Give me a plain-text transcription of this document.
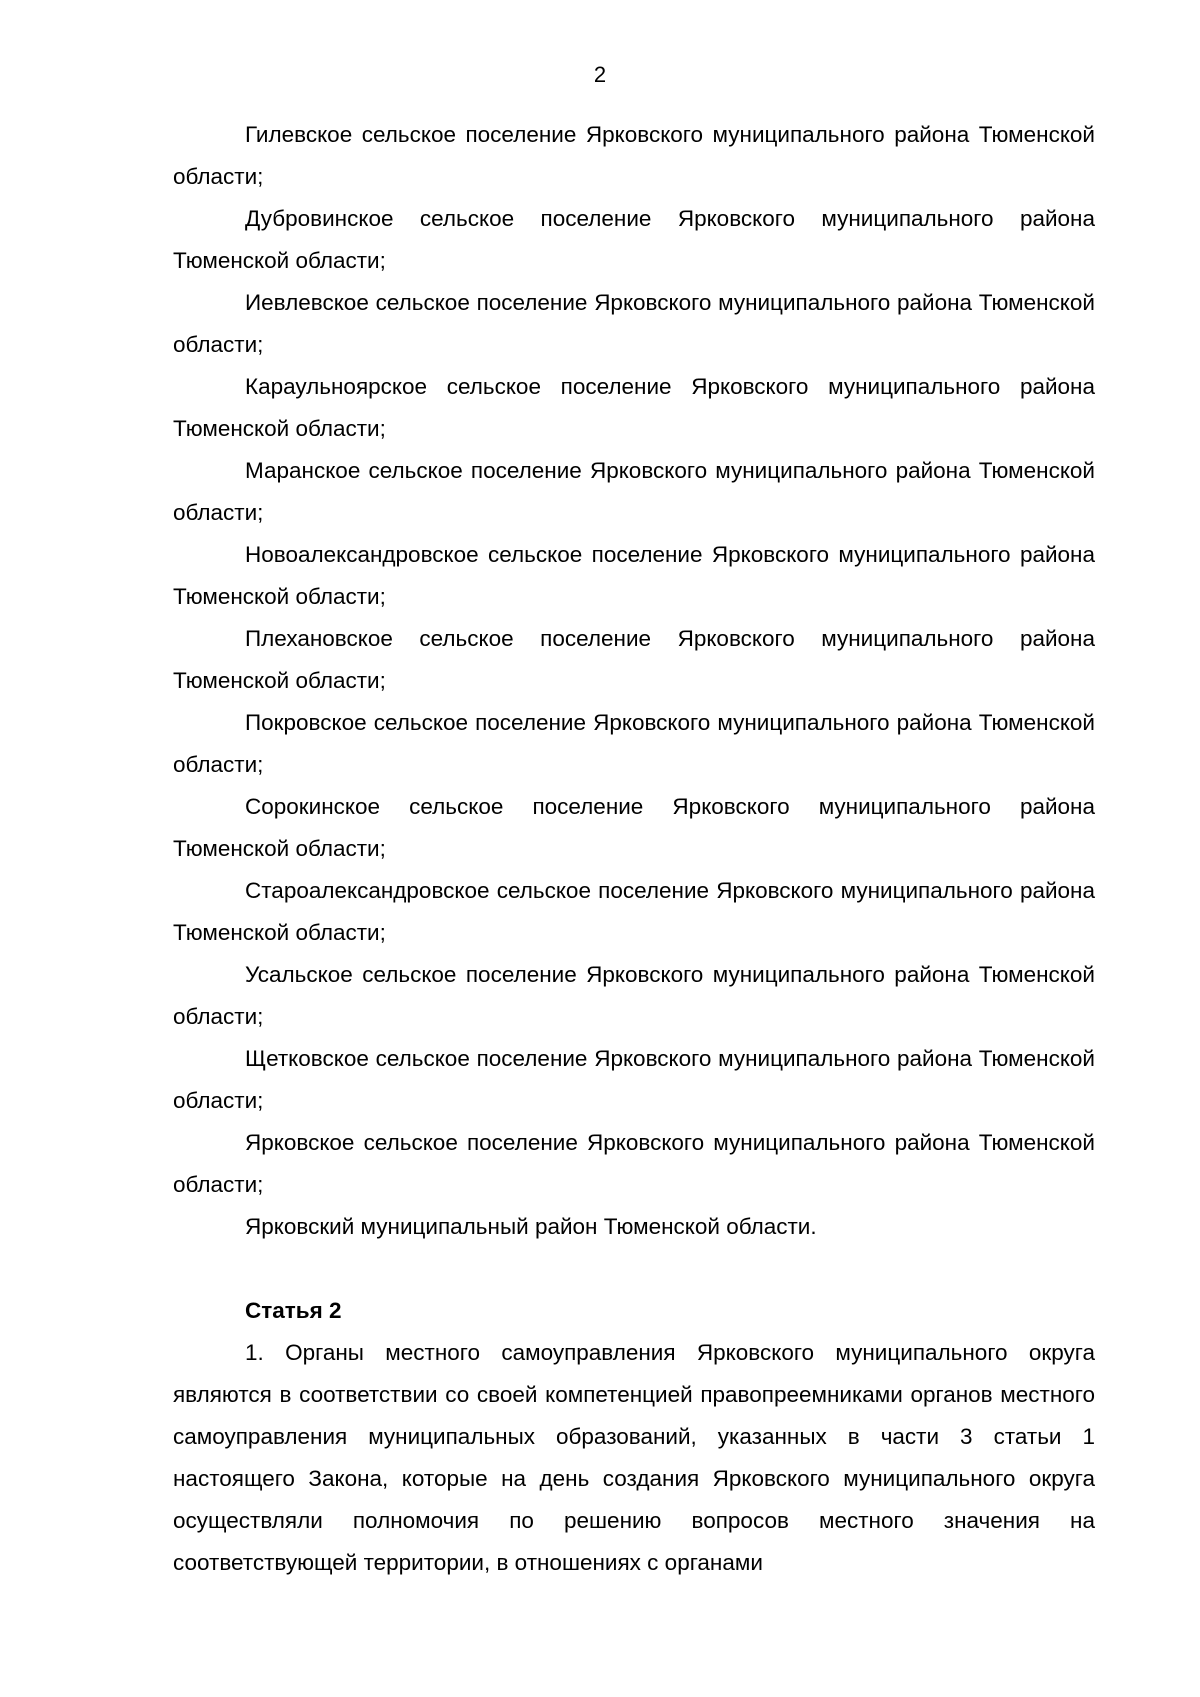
2

Гилевское сельское поселение Ярковского муниципального района Тюменской области;

Дубровинское сельское поселение Ярковского муниципального района Тюменской области;

Иевлевское сельское поселение Ярковского муниципального района Тюменской области;

Караульноярское сельское поселение Ярковского муниципального района Тюменской области;

Маранское сельское поселение Ярковского муниципального района Тюменской области;

Новоалександровское сельское поселение Ярковского муниципального района Тюменской области;

Плехановское сельское поселение Ярковского муниципального района Тюменской области;

Покровское сельское поселение Ярковского муниципального района Тюменской области;

Сорокинское сельское поселение Ярковского муниципального района Тюменской области;

Староалександровское сельское поселение Ярковского муниципального района Тюменской области;

Усальское сельское поселение Ярковского муниципального района Тюменской области;

Щетковское сельское поселение Ярковского муниципального района Тюменской области;

Ярковское сельское поселение Ярковского муниципального района Тюменской области;

Ярковский муниципальный район Тюменской области.

Статья 2

1. Органы местного самоуправления Ярковского муниципального округа являются в соответствии со своей компетенцией правопреемниками органов местного самоуправления муниципальных образований, указанных в части 3 статьи 1 настоящего Закона, которые на день создания Ярковского муниципального округа осуществляли полномочия по решению вопросов местного значения на соответствующей территории, в отношениях с органами
